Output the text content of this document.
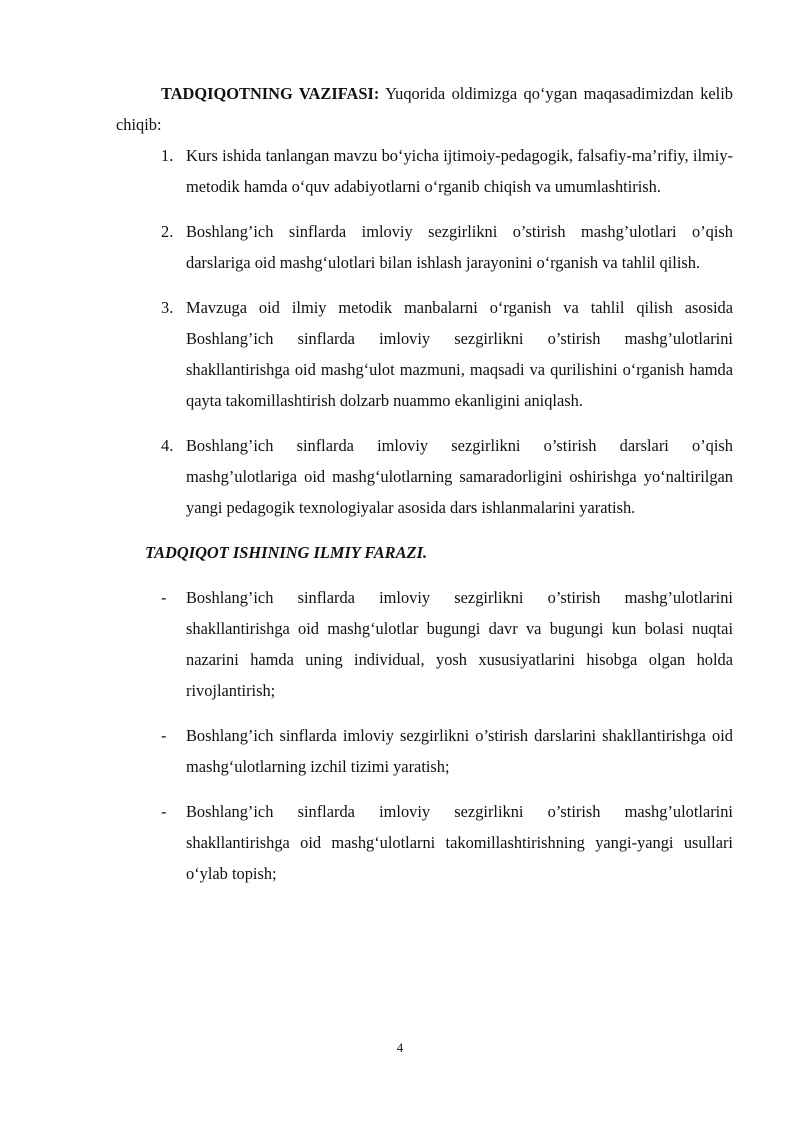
TADQIQOTNING VAZIFASI: Yuqorida oldimizga qo‘ygan maqasadimizdan kelib chiqib:

1. Kurs ishida tanlangan mavzu bo‘yicha ijtimoiy-pedagogik, falsafiy-ma’rifiy, ilmiy-metodik hamda o‘quv adabiyotlarni o‘rganib chiqish va umumlashtirish.
2. Boshlang’ich sinflarda imloviy sezgirlikni o’stirish mashg’ulotlari o’qish darslariga oid mashg‘ulotlari bilan ishlash jarayonini o‘rganish va tahlil qilish.
3. Mavzuga oid ilmiy metodik manbalarni o‘rganish va tahlil qilish asosida Boshlang’ich sinflarda imloviy sezgirlikni o’stirish mashg’ulotlarini shakllantirishga oid mashg‘ulot mazmuni, maqsadi va qurilishini o‘rganish hamda qayta takomillashtirish dolzarb nuammo ekanligini aniqlash.
4. Boshlang’ich sinflarda imloviy sezgirlikni o’stirish darslari o’qish mashg’ulotlariga oid mashg‘ulotlarning samaradorligini oshirishga yo‘naltirilgan yangi pedagogik texnologiyalar asosida dars ishlanmalarini yaratish.
TADQIQOT ISHINING ILMIY FARAZI.
- Boshlang’ich sinflarda imloviy sezgirlikni o’stirish mashg’ulotlarini shakllantirishga oid mashg‘ulotlar bugungi davr va bugungi kun bolasi nuqtai nazarini hamda uning individual, yosh xususiyatlarini hisobga olgan holda rivojlantirish;
- Boshlang’ich sinflarda imloviy sezgirlikni o’stirish darslarini shakllantirishga oid mashg‘ulotlarning izchil tizimi yaratish;
- Boshlang’ich sinflarda imloviy sezgirlikni o’stirish mashg’ulotlarini shakllantirishga oid mashg‘ulotlarni takomillashtirishning yangi-yangi usullari o‘ylab topish;
4
